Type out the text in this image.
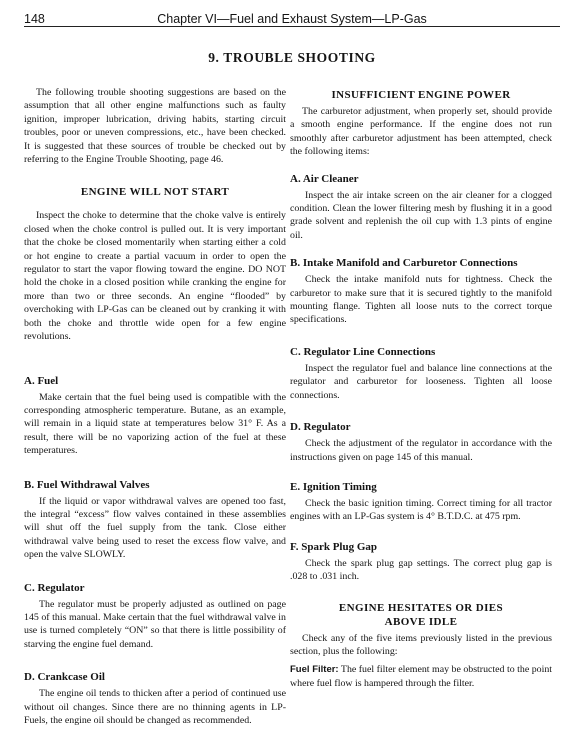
148	Chapter VI—Fuel and Exhaust System—LP-Gas
9. TROUBLE SHOOTING

The following trouble shooting suggestions are based on the assumption that all other engine malfunctions such as faulty ignition, improper lubrication, driving habits, starting circuit troubles, poor or uneven compressions, etc., have been checked. It is suggested that these sources of trouble be checked out by referring to the Engine Trouble Shooting, page 46.

ENGINE WILL NOT START

Inspect the choke to determine that the choke valve is entirely closed when the choke control is pulled out. It is very important that the choke be closed momentarily when starting either a cold or hot engine to create a partial vacuum in order to open the regulator to start the vapor flowing toward the engine. DO NOT hold the choke in a closed position while cranking the engine for more than two or three seconds. An engine “flooded” by overchoking with LP-Gas can be cleaned out by cranking it with both the choke and throttle wide open for a few engine revolutions.

A. Fuel

Make certain that the fuel being used is compatible with the corresponding atmospheric temperature. Butane, as an example, will remain in a liquid state at temperatures below 31° F. As a result, there will be no vaporizing action of the fuel at these temperatures.

B. Fuel Withdrawal Valves

If the liquid or vapor withdrawal valves are opened too fast, the integral “excess” flow valves contained in these assemblies will shut off the fuel supply from the tank. Close either withdrawal valve being used to reset the excess flow valve, and open the valve SLOWLY.

C. Regulator

The regulator must be properly adjusted as outlined on page 145 of this manual. Make certain that the fuel withdrawal valve in use is turned completely “ON” so that there is little possibility of starving the engine fuel demand.

D. Crankcase Oil

The engine oil tends to thicken after a period of continued use without oil changes. Since there are no thinning agents in LP-Fuels, the engine oil should be changed as recommended.

INSUFFICIENT ENGINE POWER

The carburetor adjustment, when properly set, should provide a smooth engine performance. If the engine does not run smoothly after carburetor adjustment has been attempted, check the following items:

A. Air Cleaner

Inspect the air intake screen on the air cleaner for a clogged condition. Clean the lower filtering mesh by flushing it in a good grade solvent and replenish the oil cup with 1.3 pints of engine oil.

B. Intake Manifold and Carburetor Connections

Check the intake manifold nuts for tightness. Check the carburetor to make sure that it is secured tightly to the manifold mounting flange. Tighten all loose nuts to the correct torque specifications.

C. Regulator Line Connections

Inspect the regulator fuel and balance line connections at the regulator and carburetor for looseness. Tighten all loose connections.

D. Regulator

Check the adjustment of the regulator in accordance with the instructions given on page 145 of this manual.

E. Ignition Timing

Check the basic ignition timing. Correct timing for all tractor engines with an LP-Gas system is 4° B.T.D.C. at 475 rpm.

F. Spark Plug Gap

Check the spark plug gap settings. The correct plug gap is .028 to .031 inch.

ENGINE HESITATES OR DIES
ABOVE IDLE

Check any of the five items previously listed in the previous section, plus the following:

Fuel Filter: The fuel filter element may be obstructed to the point where fuel flow is hampered through the filter.
